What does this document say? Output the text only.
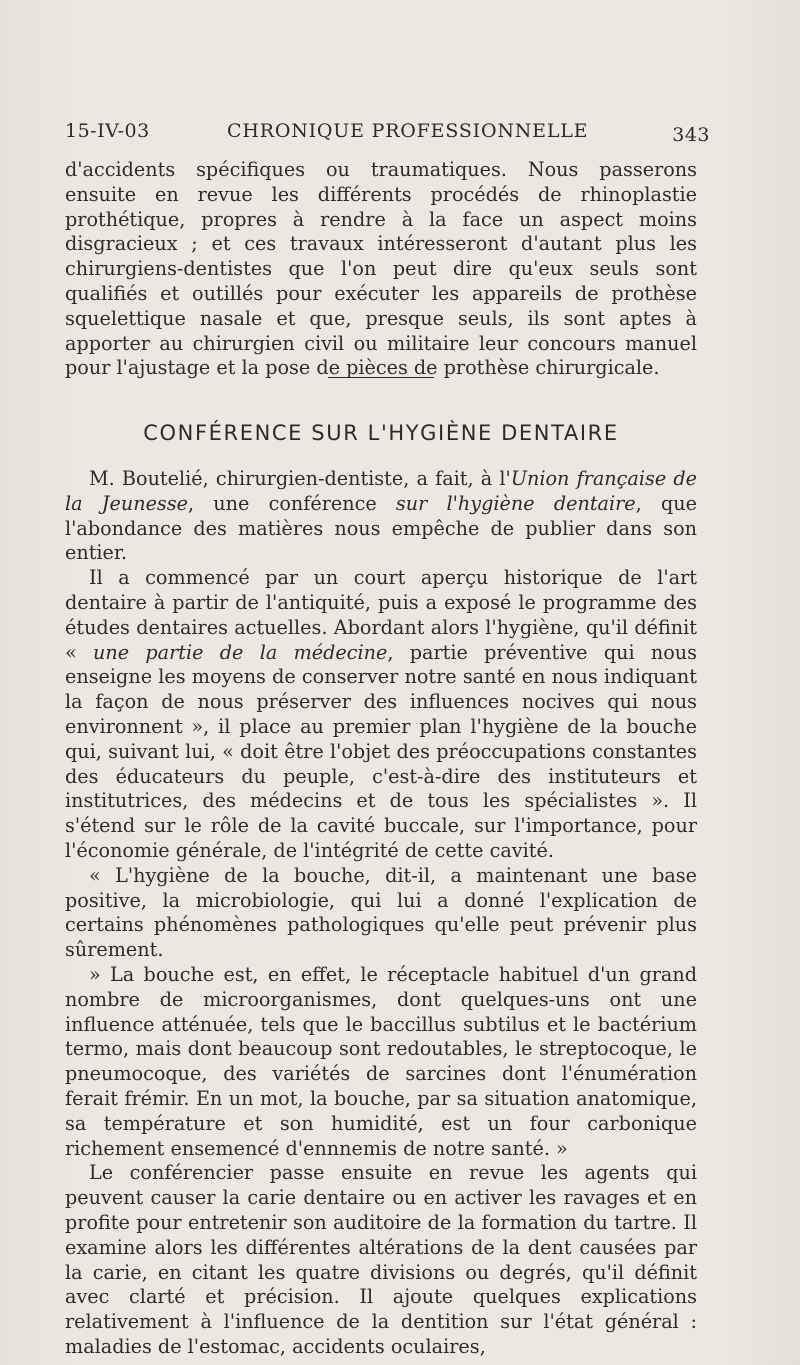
15-IV-03	CHRONIQUE PROFESSIONNELLE	343

d'accidents spécifiques ou traumatiques. Nous passerons ensuite en revue les différents procédés de rhinoplastie prothétique, propres à rendre à la face un aspect moins disgracieux ; et ces travaux intéresseront d'autant plus les chirurgiens-dentistes que l'on peut dire qu'eux seuls sont qualifiés et outillés pour exécuter les appareils de prothèse squelettique nasale et que, presque seuls, ils sont aptes à apporter au chirurgien civil ou militaire leur concours manuel pour l'ajustage et la pose de pièces de prothèse chirurgicale.

CONFÉRENCE SUR L'HYGIÈNE DENTAIRE

M. Boutelié, chirurgien-dentiste, a fait, à l'Union française de la Jeunesse, une conférence sur l'hygiène dentaire, que l'abondance des matières nous empêche de publier dans son entier.

Il a commencé par un court aperçu historique de l'art dentaire à partir de l'antiquité, puis a exposé le programme des études dentaires actuelles. Abordant alors l'hygiène, qu'il définit « une partie de la médecine, partie préventive qui nous enseigne les moyens de conserver notre santé en nous indiquant la façon de nous préserver des influences nocives qui nous environnent », il place au premier plan l'hygiène de la bouche qui, suivant lui, « doit être l'objet des préoccupations constantes des éducateurs du peuple, c'est-à-dire des instituteurs et institutrices, des médecins et de tous les spécialistes ». Il s'étend sur le rôle de la cavité buccale, sur l'importance, pour l'économie générale, de l'intégrité de cette cavité.

« L'hygiène de la bouche, dit-il, a maintenant une base positive, la microbiologie, qui lui a donné l'explication de certains phénomènes pathologiques qu'elle peut prévenir plus sûrement.

» La bouche est, en effet, le réceptacle habituel d'un grand nombre de microorganismes, dont quelques-uns ont une influence atténuée, tels que le baccillus subtilus et le bactérium termo, mais dont beaucoup sont redoutables, le streptocoque, le pneumocoque, des variétés de sarcines dont l'énumération ferait frémir. En un mot, la bouche, par sa situation anatomique, sa température et son humidité, est un four carbonique richement ensemencé d'ennnemis de notre santé. »

Le conférencier passe ensuite en revue les agents qui peuvent causer la carie dentaire ou en activer les ravages et en profite pour entretenir son auditoire de la formation du tartre. Il examine alors les différentes altérations de la dent causées par la carie, en citant les quatre divisions ou degrés, qu'il définit avec clarté et précision. Il ajoute quelques explications relativement à l'influence de la dentition sur l'état général : maladies de l'estomac, accidents oculaires,
